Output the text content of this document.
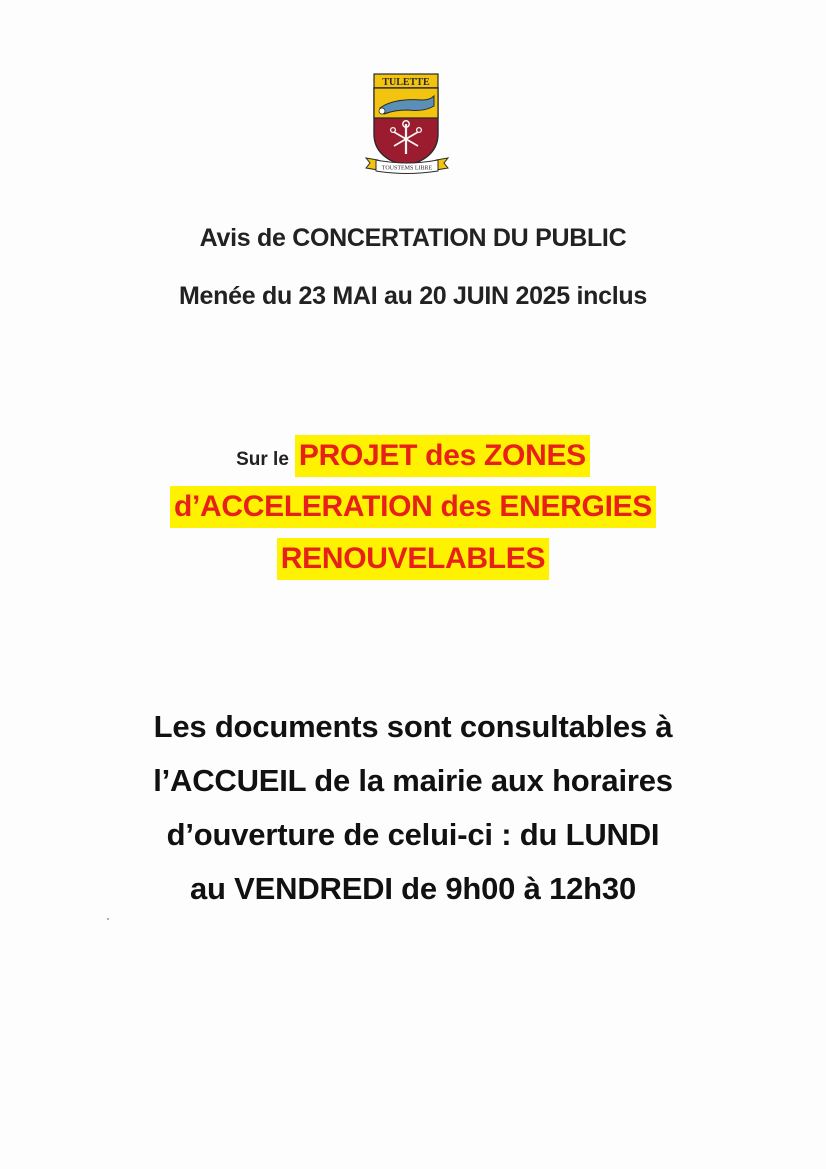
TULETTE
TOUSTEMS LIBRE
Avis de CONCERTATION DU PUBLIC
Menée du 23 MAI au 20 JUIN 2025 inclus
Sur le PROJET des ZONES
d’ACCELERATION des ENERGIES
RENOUVELABLES
Les documents sont consultables à
l’ACCUEIL de la mairie aux horaires
d’ouverture de celui-ci : du LUNDI
au VENDREDI de 9h00 à 12h30
